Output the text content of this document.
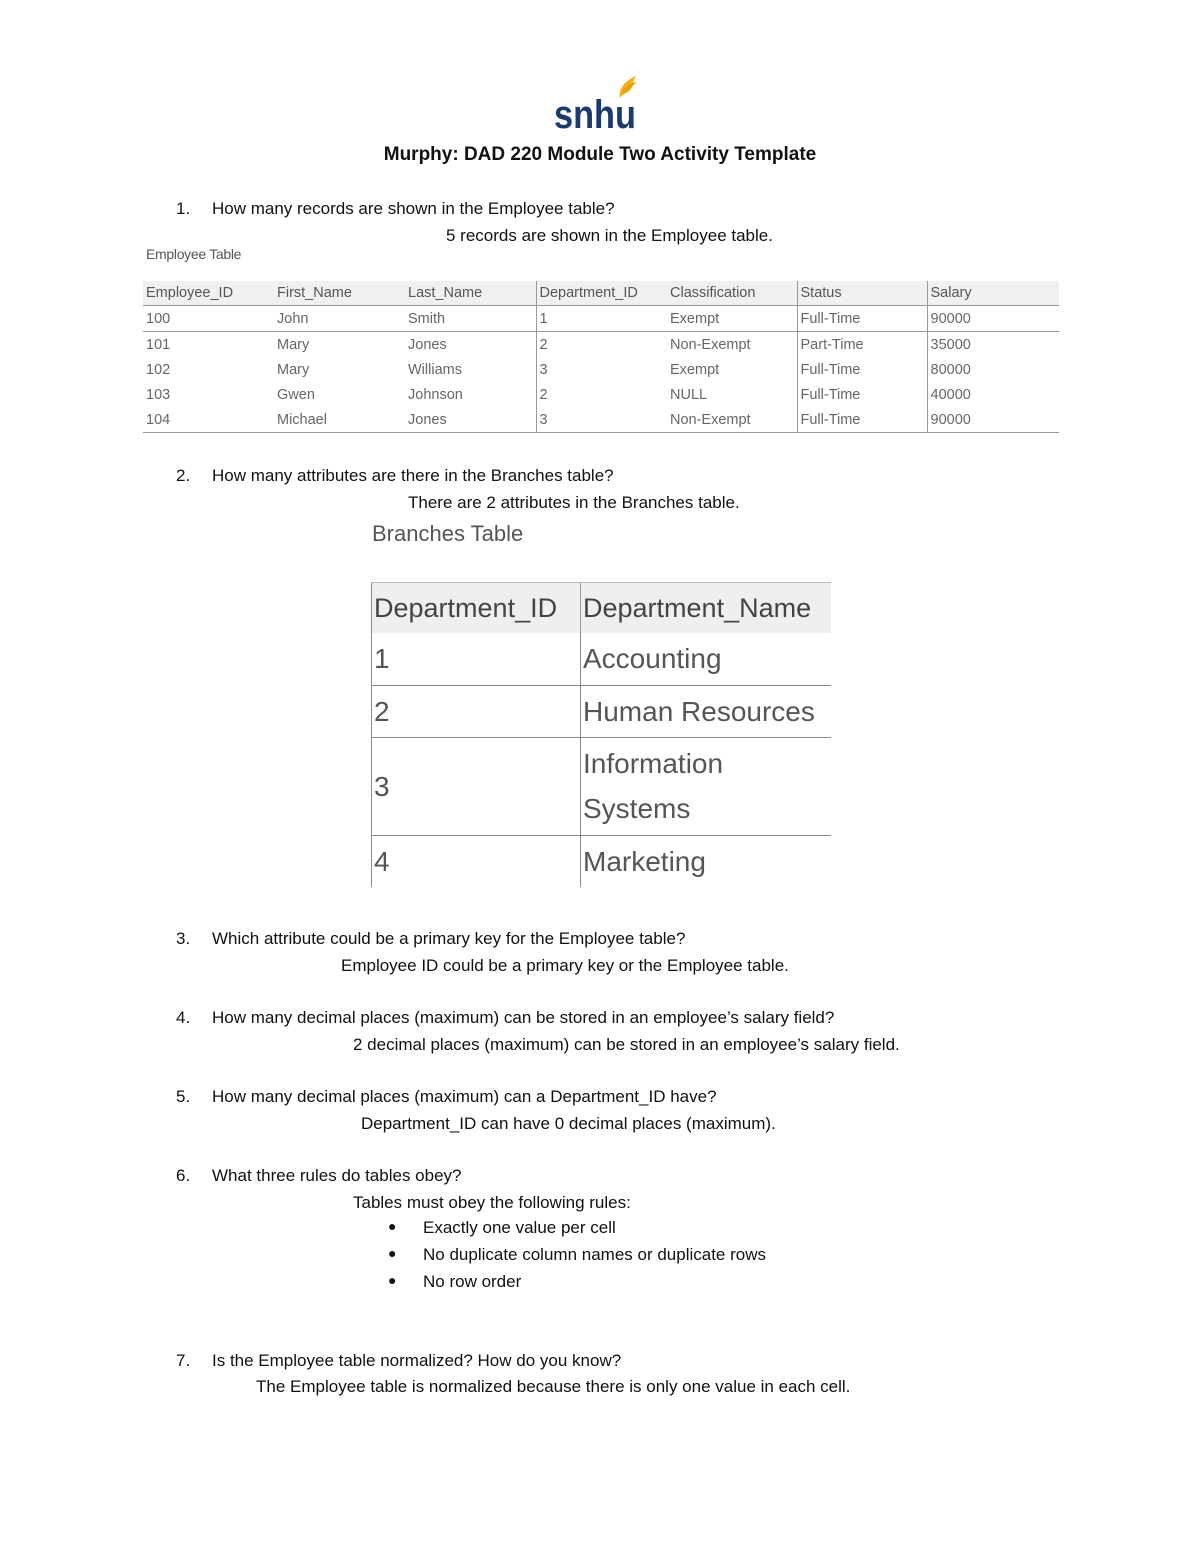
snhu
Murphy: DAD 220 Module Two Activity Template
1. How many records are shown in the Employee table?
5 records are shown in the Employee table.
Employee Table
Employee_ID	First_Name	Last_Name	Department_ID	Classification	Status	Salary
100	John	Smith	1	Exempt	Full-Time	90000
101	Mary	Jones	2	Non-Exempt	Part-Time	35000
102	Mary	Williams	3	Exempt	Full-Time	80000
103	Gwen	Johnson	2	NULL	Full-Time	40000
104	Michael	Jones	3	Non-Exempt	Full-Time	90000
2. How many attributes are there in the Branches table?
There are 2 attributes in the Branches table.
Branches Table
Department_ID	Department_Name
1	Accounting
2	Human Resources
3	Information Systems
4	Marketing
3. Which attribute could be a primary key for the Employee table?
Employee ID could be a primary key or the Employee table.
4. How many decimal places (maximum) can be stored in an employee’s salary field?
2 decimal places (maximum) can be stored in an employee’s salary field.
5. How many decimal places (maximum) can a Department_ID have?
Department_ID can have 0 decimal places (maximum).
6. What three rules do tables obey?
Tables must obey the following rules:
● Exactly one value per cell
● No duplicate column names or duplicate rows
● No row order
7. Is the Employee table normalized? How do you know?
The Employee table is normalized because there is only one value in each cell.
